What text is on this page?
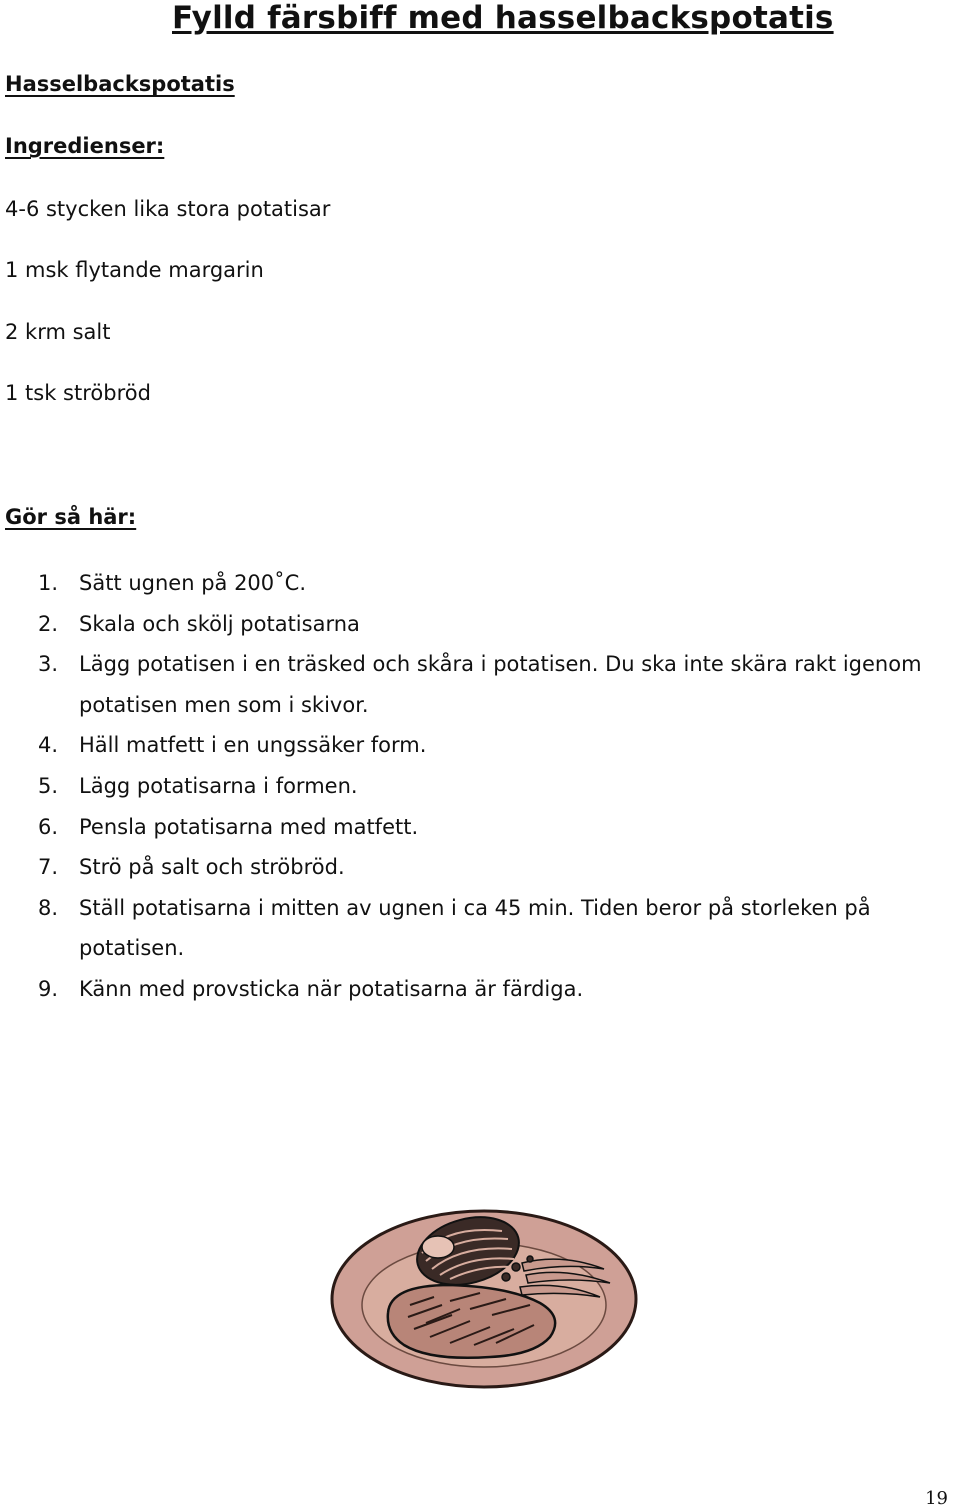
Fylld färsbiff med hasselbackspotatis
Hasselbackspotatis
Ingredienser:
4-6 stycken lika stora potatisar
1 msk flytande margarin
2 krm salt
1 tsk ströbröd
Gör så här:
1. Sätt ugnen på 200˚C.
2. Skala och skölj potatisarna
3. Lägg potatisen i en träsked och skåra i potatisen. Du ska inte skära rakt igenom potatisen men som i skivor.
4. Häll matfett i en ungssäker form.
5. Lägg potatisarna i formen.
6. Pensla potatisarna med matfett.
7. Strö på salt och ströbröd.
8. Ställ potatisarna i mitten av ugnen i ca 45 min. Tiden beror på storleken på potatisen.
9. Känn med provsticka när potatisarna är färdiga.
19
